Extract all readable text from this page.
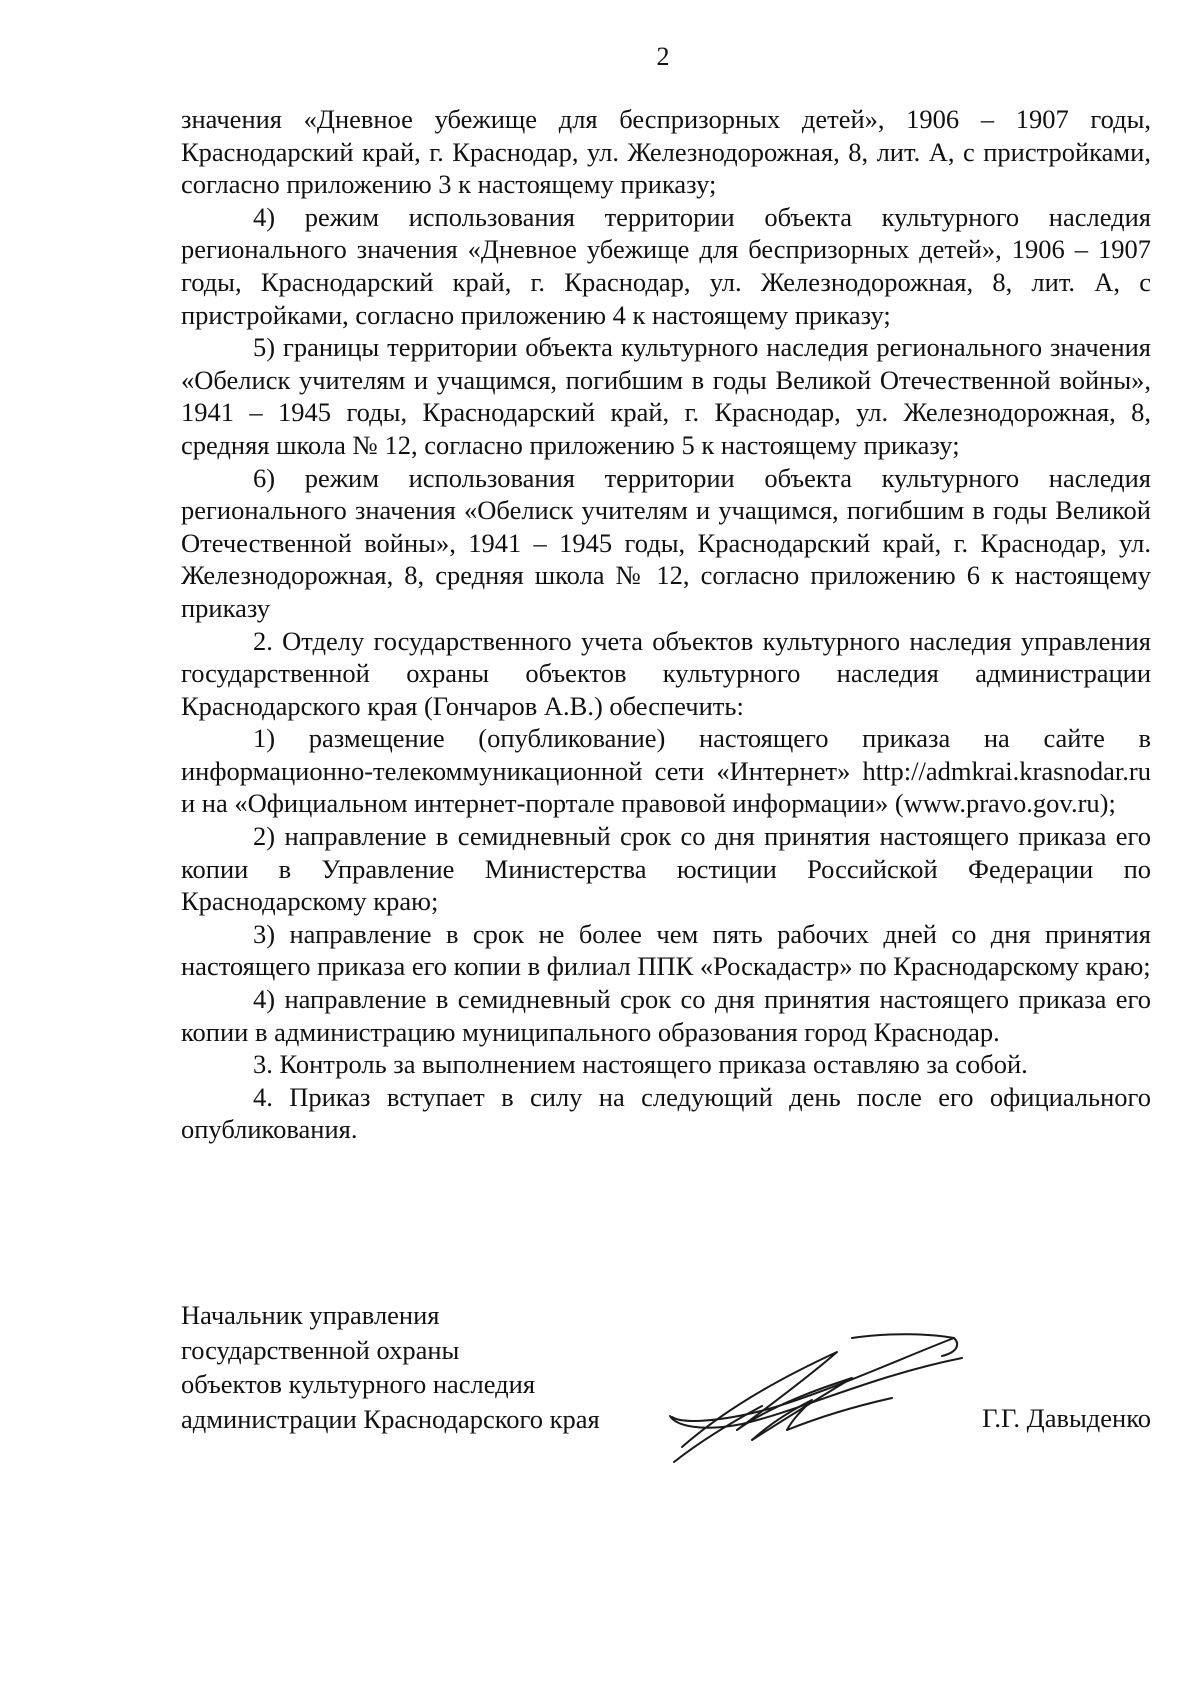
2

значения «Дневное убежище для беспризорных детей», 1906 – 1907 годы, Краснодарский край, г. Краснодар, ул. Железнодорожная, 8, лит. А, с пристройками, согласно приложению 3 к настоящему приказу;

4) режим использования территории объекта культурного наследия регионального значения «Дневное убежище для беспризорных детей», 1906 – 1907 годы, Краснодарский край, г. Краснодар, ул. Железнодорожная, 8, лит. А, с пристройками, согласно приложению 4 к настоящему приказу;

5) границы территории объекта культурного наследия регионального значения «Обелиск учителям и учащимся, погибшим в годы Великой Отечественной войны», 1941 – 1945 годы, Краснодарский край, г. Краснодар, ул. Железнодорожная, 8, средняя школа № 12, согласно приложению 5 к настоящему приказу;

6) режим использования территории объекта культурного наследия регионального значения «Обелиск учителям и учащимся, погибшим в годы Великой Отечественной войны», 1941 – 1945 годы, Краснодарский край, г. Краснодар, ул. Железнодорожная, 8, средняя школа № 12, согласно приложению 6 к настоящему приказу

2. Отделу государственного учета объектов культурного наследия управления государственной охраны объектов культурного наследия администрации Краснодарского края (Гончаров А.В.) обеспечить:

1) размещение (опубликование) настоящего приказа на сайте в информационно-телекоммуникационной сети «Интернет» http://admkrai.krasnodar.ru и на «Официальном интернет-портале правовой информации» (www.pravo.gov.ru);

2) направление в семидневный срок со дня принятия настоящего приказа его копии в Управление Министерства юстиции Российской Федерации по Краснодарскому краю;

3) направление в срок не более чем пять рабочих дней со дня принятия настоящего приказа его копии в филиал ППК «Роскадастр» по Краснодарскому краю;

4) направление в семидневный срок со дня принятия настоящего приказа его копии в администрацию муниципального образования город Краснодар.

3. Контроль за выполнением настоящего приказа оставляю за собой.

4. Приказ вступает в силу на следующий день после его официального опубликования.

Начальник управления
государственной охраны
объектов культурного наследия
администрации Краснодарского края	Г.Г. Давыденко
